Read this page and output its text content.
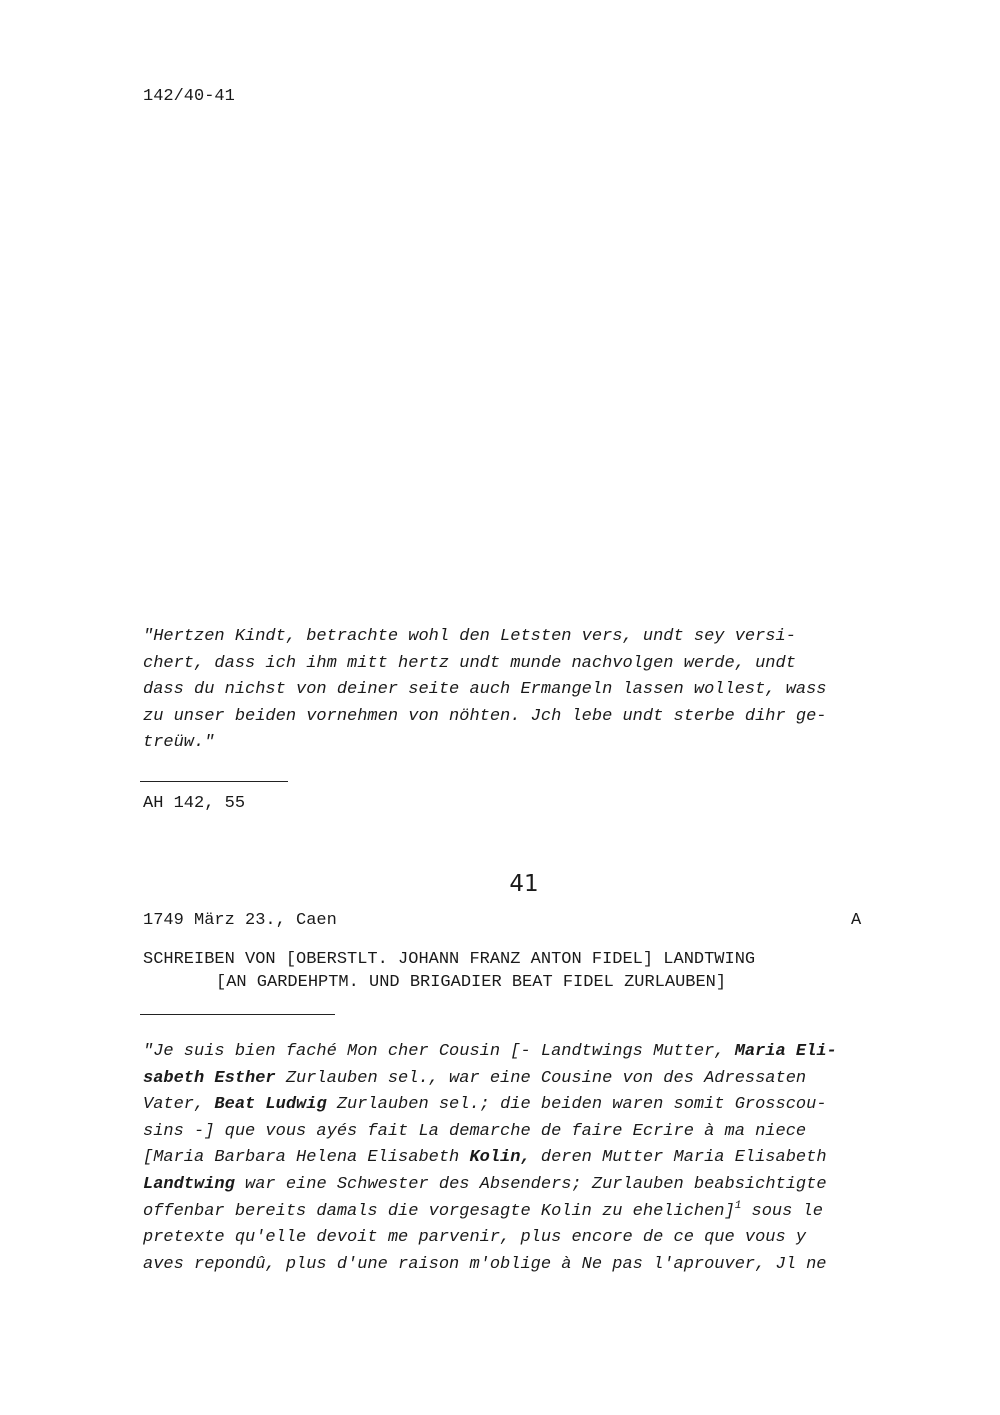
142/40-41
"Hertzen Kindt, betrachte wohl den Letsten vers, undt sey versi-
chert, dass ich ihm mitt hertz undt munde nachvolgen werde, undt
dass du nichst von deiner seite auch Ermangeln lassen wollest, wass
zu unser beiden vornehmen von nöhten. Jch lebe undt sterbe dihr ge-
treüw."
AH 142, 55
41
1749 März 23., Caen	A
SCHREIBEN VON [OBERSTLT. JOHANN FRANZ ANTON FIDEL] LANDTWING
[AN GARDEHPTM. UND BRIGADIER BEAT FIDEL ZURLAUBEN]
"Je suis bien faché Mon cher Cousin [- Landtwings Mutter, Maria Eli-
sabeth Esther Zurlauben sel., war eine Cousine von des Adressaten
Vater, Beat Ludwig Zurlauben sel.; die beiden waren somit Grosscou-
sins -] que vous ayés fait La demarche de faire Ecrire à ma niece
[Maria Barbara Helena Elisabeth Kolin, deren Mutter Maria Elisabeth
Landtwing war eine Schwester des Absenders; Zurlauben beabsichtigte
offenbar bereits damals die vorgesagte Kolin zu ehelichen]$^1$ sous le
pretexte qu'elle devoit me parvenir, plus encore de ce que vous y
aves repondû, plus d'une raison m'oblige à Ne pas l'aprouver, Jl ne
